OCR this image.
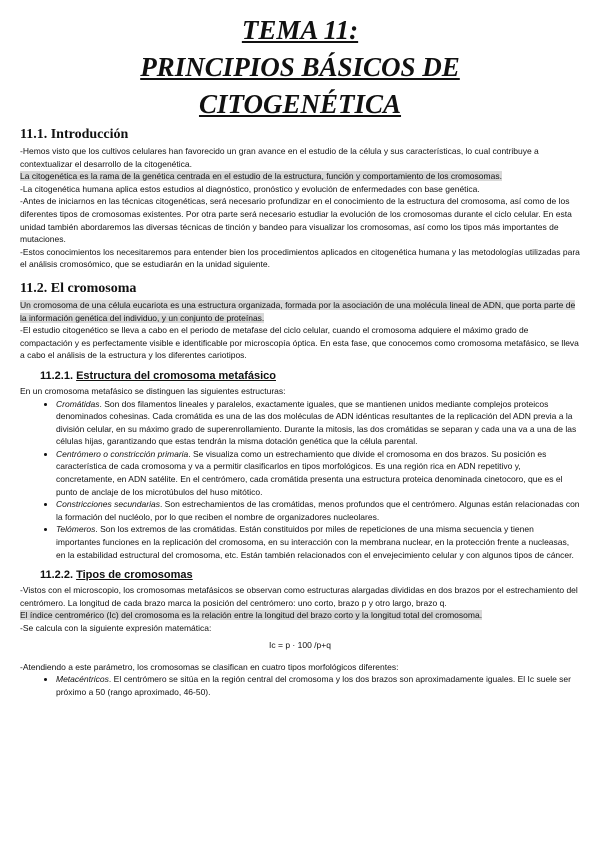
TEMA 11:
PRINCIPIOS BÁSICOS DE
CITOGENÉTICA
11.1. Introducción

-Hemos visto que los cultivos celulares han favorecido un gran avance en el estudio de la célula y sus características, lo cual contribuye a contextualizar el desarrollo de la citogenética.

La citogenética es la rama de la genética centrada en el estudio de la estructura, función y comportamiento de los cromosomas.

-La citogenética humana aplica estos estudios al diagnóstico, pronóstico y evolución de enfermedades con base genética.

-Antes de iniciarnos en las técnicas citogenéticas, será necesario profundizar en el conocimiento de la estructura del cromosoma, así como de los diferentes tipos de cromosomas existentes. Por otra parte será necesario estudiar la evolución de los cromosomas durante el ciclo celular. En esta unidad también abordaremos las diversas técnicas de tinción y bandeo para visualizar los cromosomas, así como los tipos más importantes de mutaciones.

-Estos conocimientos los necesitaremos para entender bien los procedimientos aplicados en citogenética humana y las metodologías utilizadas para el análisis cromosómico, que se estudiarán en la unidad siguiente.

11.2. El cromosoma

Un cromosoma de una célula eucariota es una estructura organizada, formada por la asociación de una molécula lineal de ADN, que porta parte de la información genética del individuo, y un conjunto de proteínas.

-El estudio citogenético se lleva a cabo en el periodo de metafase del ciclo celular, cuando el cromosoma adquiere el máximo grado de compactación y es perfectamente visible e identificable por microscopía óptica. En esta fase, que conocemos como cromosoma metafásico, se lleva a cabo el análisis de la estructura y los diferentes cariotipos.

11.2.1. Estructura del cromosoma metafásico

En un cromosoma metafásico se distinguen las siguientes estructuras:

• Cromátidas. Son dos filamentos lineales y paralelos, exactamente iguales, que se mantienen unidos mediante complejos proteicos denominados cohesinas. Cada cromátida es una de las dos moléculas de ADN idénticas resultantes de la replicación del ADN previa a la división celular, en su máximo grado de superenrollamiento. Durante la mitosis, las dos cromátidas se separan y cada una va a una de las células hijas, garantizando que estas tendrán la misma dotación genética que la célula parental.
• Centrómero o constricción primaria. Se visualiza como un estrechamiento que divide el cromosoma en dos brazos. Su posición es característica de cada cromosoma y va a permitir clasificarlos en tipos morfológicos. Es una región rica en ADN repetitivo y, concretamente, en ADN satélite. En el centrómero, cada cromátida presenta una estructura proteica denominada cinetocoro, que es el punto de anclaje de los microtúbulos del huso mitótico.
• Constricciones secundarias. Son estrechamientos de las cromátidas, menos profundos que el centrómero. Algunas están relacionadas con la formación del nucléolo, por lo que reciben el nombre de organizadores nucleolares.
• Telómeros. Son los extremos de las cromátidas. Están constituidos por miles de repeticiones de una misma secuencia y tienen importantes funciones en la replicación del cromosoma, en su interacción con la membrana nuclear, en la protección frente a nucleasas, en la estabilidad estructural del cromosoma, etc. Están también relacionados con el envejecimiento celular y con algunos tipos de cáncer.
11.2.2. Tipos de cromosomas

-Vistos con el microscopio, los cromosomas metafásicos se observan como estructuras alargadas divididas en dos brazos por el estrechamiento del centrómero. La longitud de cada brazo marca la posición del centrómero: uno corto, brazo p y otro largo, brazo q.

El índice centromérico (Ic) del cromosoma es la relación entre la longitud del brazo corto y la longitud total del cromosoma.

-Se calcula con la siguiente expresión matemática:

Ic = p · 100 /p+q

-Atendiendo a este parámetro, los cromosomas se clasifican en cuatro tipos morfológicos diferentes:

• Metacéntricos. El centrómero se sitúa en la región central del cromosoma y los dos brazos son aproximadamente iguales. El Ic suele ser próximo a 50 (rango aproximado, 46-50).
